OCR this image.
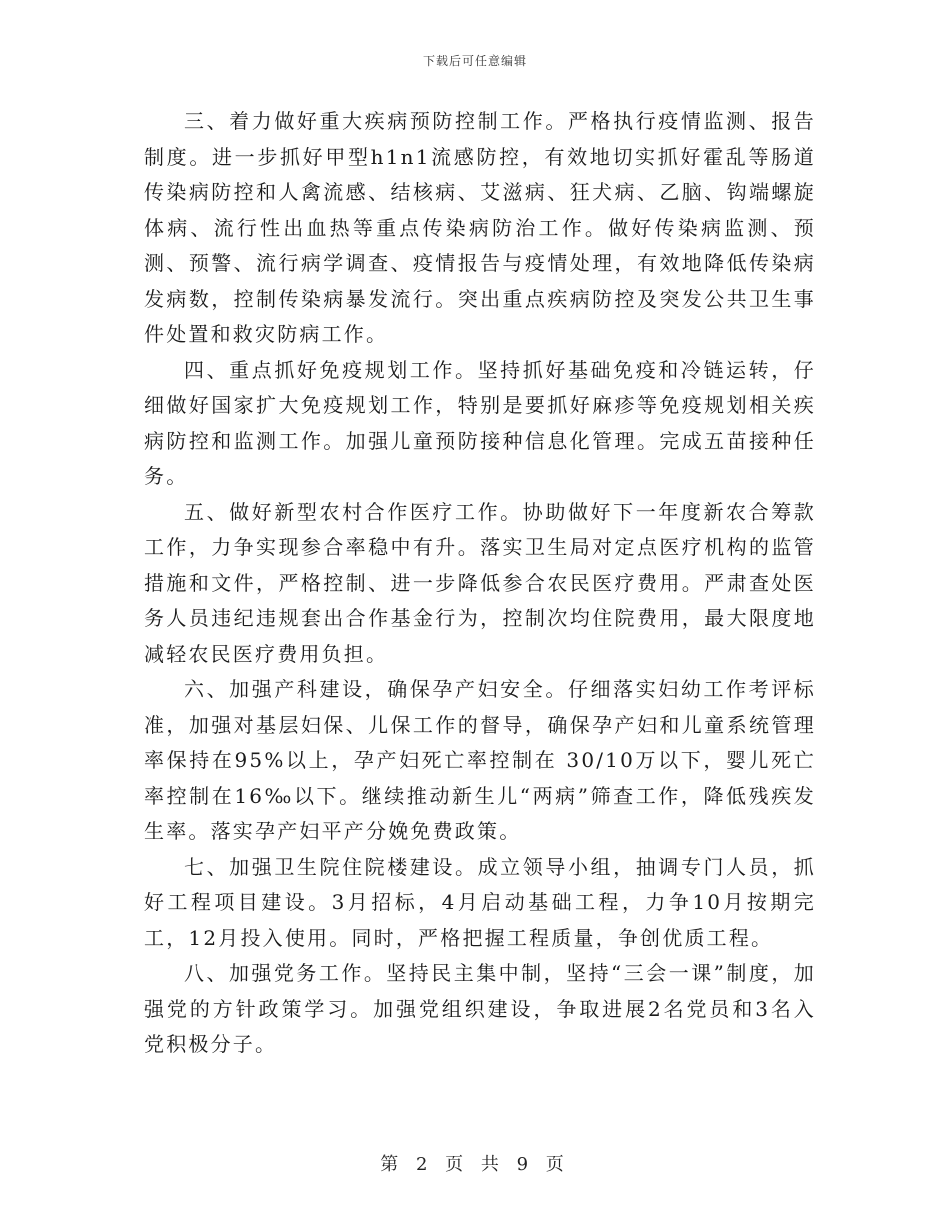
下载后可任意编辑

三、着力做好重大疾病预防控制工作。严格执行疫情监测、报告制度。进一步抓好甲型h1n1流感防控，有效地切实抓好霍乱等肠道传染病防控和人禽流感、结核病、艾滋病、狂犬病、乙脑、钩端螺旋体病、流行性出血热等重点传染病防治工作。做好传染病监测、预测、预警、流行病学调查、疫情报告与疫情处理，有效地降低传染病发病数，控制传染病暴发流行。突出重点疾病防控及突发公共卫生事件处置和救灾防病工作。

四、重点抓好免疫规划工作。坚持抓好基础免疫和冷链运转，仔细做好国家扩大免疫规划工作，特别是要抓好麻疹等免疫规划相关疾病防控和监测工作。加强儿童预防接种信息化管理。完成五苗接种任务。

五、做好新型农村合作医疗工作。协助做好下一年度新农合筹款工作，力争实现参合率稳中有升。落实卫生局对定点医疗机构的监管措施和文件，严格控制、进一步降低参合农民医疗费用。严肃查处医务人员违纪违规套出合作基金行为，控制次均住院费用，最大限度地减轻农民医疗费用负担。

六、加强产科建设，确保孕产妇安全。仔细落实妇幼工作考评标准，加强对基层妇保、儿保工作的督导，确保孕产妇和儿童系统管理率保持在95%以上，孕产妇死亡率控制在 30/10万以下，婴儿死亡率控制在16‰以下。继续推动新生儿“两病”筛查工作，降低残疾发生率。落实孕产妇平产分娩免费政策。

七、加强卫生院住院楼建设。成立领导小组，抽调专门人员，抓好工程项目建设。3月招标，4月启动基础工程，力争10月按期完工，12月投入使用。同时，严格把握工程质量，争创优质工程。

八、加强党务工作。坚持民主集中制，坚持“三会一课”制度，加强党的方针政策学习。加强党组织建设，争取进展2名党员和3名入党积极分子。

第 2 页 共 9 页
